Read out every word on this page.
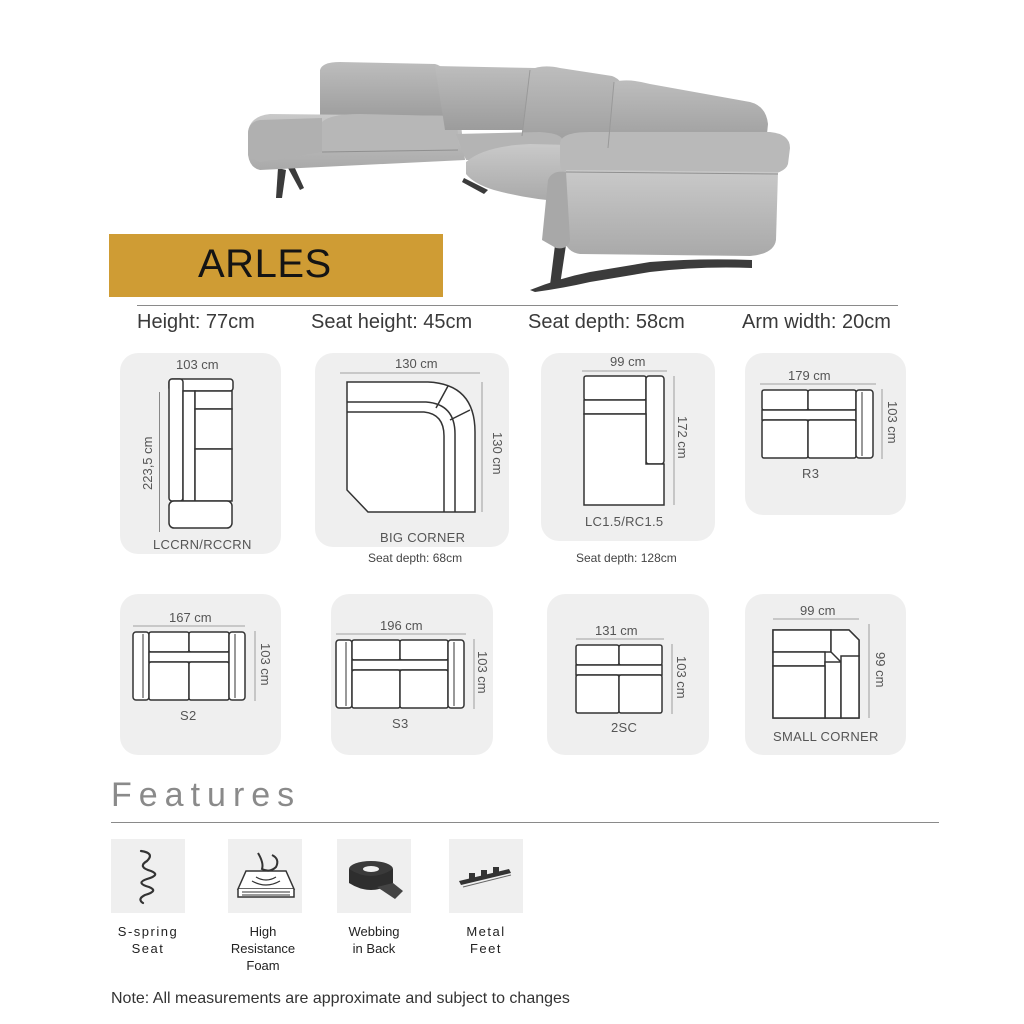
ARLES
Height: 77cm	Seat height: 45cm	Seat depth: 58cm	Arm width: 20cm
103 cm
223,5 cm
LCCRN/RCCRN
130 cm
130 cm
BIG CORNER
Seat depth: 68cm
99 cm
172 cm
LC1.5/RC1.5
Seat depth: 128cm
179 cm
103 cm
R3
167 cm
103 cm
S2
196 cm
103 cm
S3
131 cm
103 cm
2SC
99 cm
99 cm
SMALL CORNER
Features
S-spring
Seat
High
Resistance
Foam
Webbing
in Back
Metal
Feet
Note: All measurements are approximate and subject to changes
